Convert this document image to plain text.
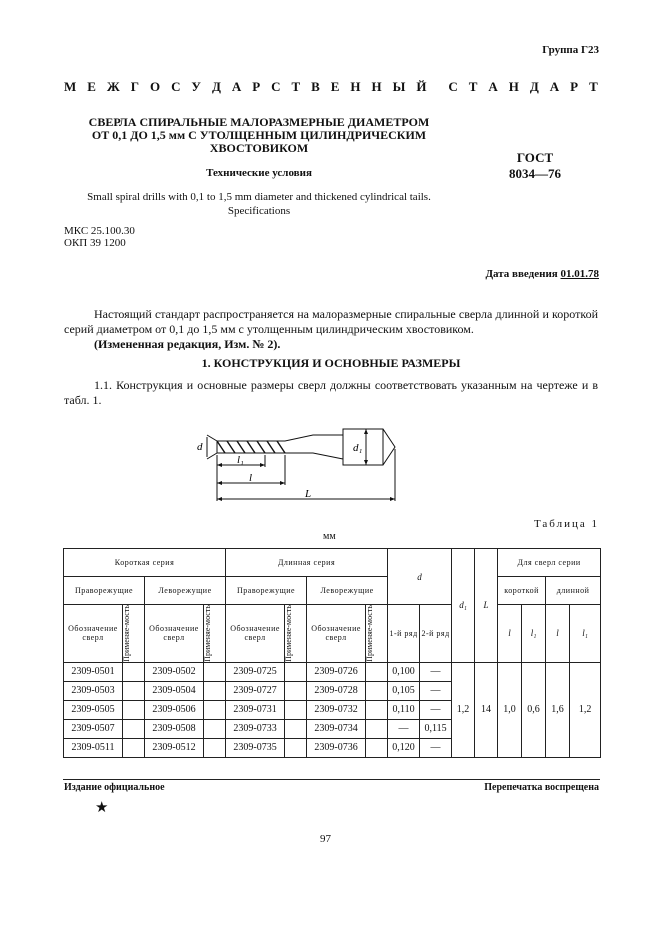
Группа Г23
М Е Ж Г О С У Д А Р С Т В Е Н Н Ы Й С Т А Н Д А Р Т
СВЕРЛА СПИРАЛЬНЫЕ МАЛОРАЗМЕРНЫЕ ДИАМЕТРОМ
ОТ 0,1 ДО 1,5 мм С УТОЛЩЕННЫМ ЦИЛИНДРИЧЕСКИМ
ХВОСТОВИКОМ
ГОСТ
8034—76
Технические условия
Small spiral drills with 0,1 to 1,5 mm diameter and thickened cylindrical tails.
Specifications
МКС 25.100.30
ОКП 39 1200
Дата введения 01.01.78
Настоящий стандарт распространяется на малоразмерные спиральные сверла длинной и короткой серий диаметром от 0,1 до 1,5 мм с утолщенным цилиндрическим хвостовиком.
(Измененная редакция, Изм. № 2).
1. КОНСТРУКЦИЯ И ОСНОВНЫЕ РАЗМЕРЫ
1.1. Конструкция и основные размеры сверл должны соответствовать указанным на чертеже и в табл. 1.
d	d₁
l₁
l
L
Таблица 1
мм
Короткая серия				Длинная серия				d		d₁	L	Для сверл серии			
Праворежущие		Леворежущие		Праворежущие		Леворежущие						короткой		длинной	
Обозначение сверл	Применяе-мость	Обозначение сверл	Применяе-мость	Обозначение сверл	Применяе-мость	Обозначение сверл	Применяе-мость	1-й ряд	2-й ряд			l	l₁	l	l₁
2309-0501		2309-0502		2309-0725		2309-0726		0,100	—	1,2	14	1,0	0,6	1,6	1,2
2309-0503		2309-0504		2309-0727		2309-0728		0,105	—						
2309-0505		2309-0506		2309-0731		2309-0732		0,110	—						
2309-0507		2309-0508		2309-0733		2309-0734		—	0,115						
2309-0511		2309-0512		2309-0735		2309-0736		0,120	—						
Издание официальное	Перепечатка воспрещена
★
97
